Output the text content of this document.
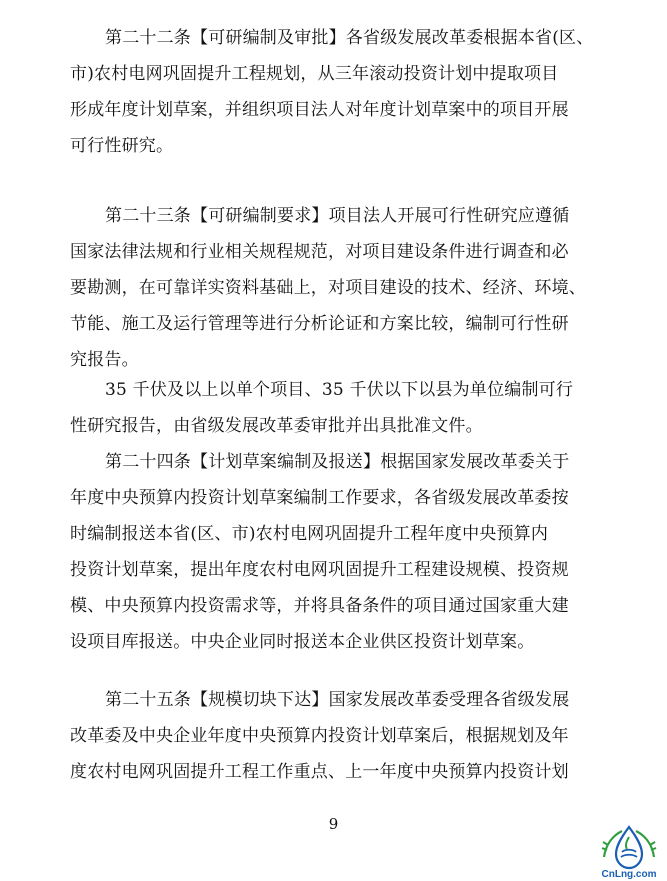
第二十二条【可研编制及审批】各省级发展改革委根据本省(区、
市)农村电网巩固提升工程规划，从三年滚动投资计划中提取项目
形成年度计划草案，并组织项目法人对年度计划草案中的项目开展
可行性研究。

第二十三条【可研编制要求】项目法人开展可行性研究应遵循
国家法律法规和行业相关规程规范，对项目建设条件进行调查和必
要勘测，在可靠详实资料基础上，对项目建设的技术、经济、环境、
节能、施工及运行管理等进行分析论证和方案比较，编制可行性研
究报告。

35 千伏及以上以单个项目、35 千伏以下以县为单位编制可行
性研究报告，由省级发展改革委审批并出具批准文件。

第二十四条【计划草案编制及报送】根据国家发展改革委关于
年度中央预算内投资计划草案编制工作要求，各省级发展改革委按
时编制报送本省(区、市)农村电网巩固提升工程年度中央预算内
投资计划草案，提出年度农村电网巩固提升工程建设规模、投资规
模、中央预算内投资需求等，并将具备条件的项目通过国家重大建
设项目库报送。中央企业同时报送本企业供区投资计划草案。

第二十五条【规模切块下达】国家发展改革委受理各省级发展
改革委及中央企业年度中央预算内投资计划草案后，根据规划及年
度农村电网巩固提升工程工作重点、上一年度中央预算内投资计划

9
CnLng.com
